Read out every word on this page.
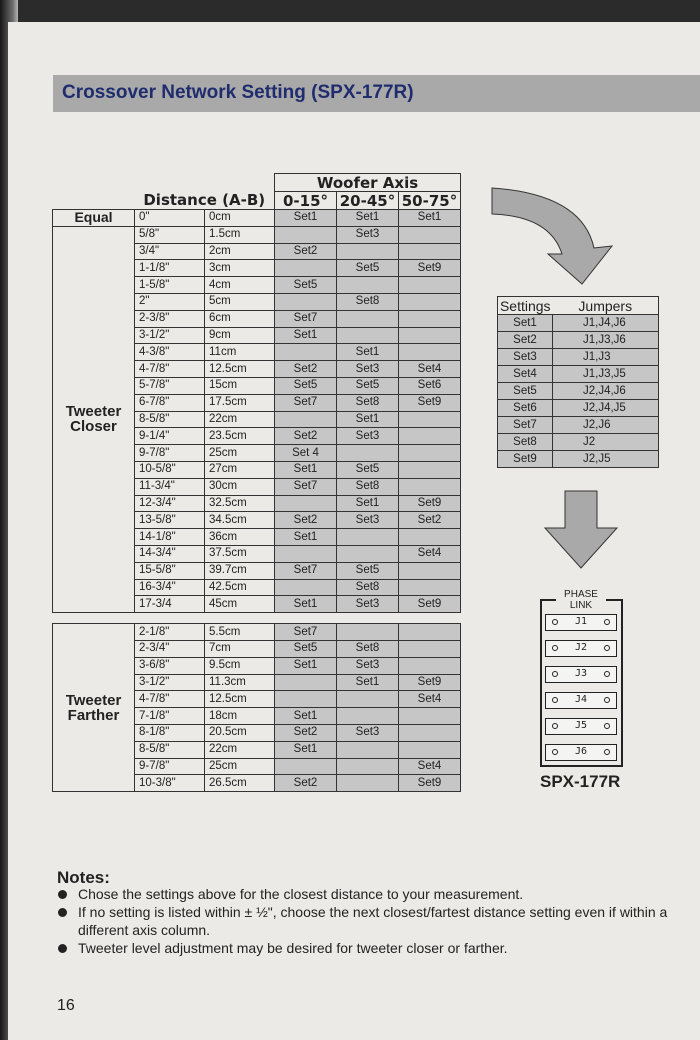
Crossover Network Setting (SPX-177R)
			Woofer Axis		
	Distance (A-B)		0-15°	20-45°	50-75°
Equal	0"	0cm	Set1	Set1	Set1
Tweeter
Closer	5/8"	1.5cm		Set3	
	3/4"	2cm	Set2		
	1-1/8"	3cm		Set5	Set9
	1-5/8"	4cm	Set5		
	2"	5cm		Set8	
	2-3/8"	6cm	Set7		
	3-1/2"	9cm	Set1		
	4-3/8"	11cm		Set1	
	4-7/8"	12.5cm	Set2	Set3	Set4
	5-7/8"	15cm	Set5	Set5	Set6
	6-7/8"	17.5cm	Set7	Set8	Set9
	8-5/8"	22cm		Set1	
	9-1/4"	23.5cm	Set2	Set3	
	9-7/8"	25cm	Set 4		
	10-5/8"	27cm	Set1	Set5	
	11-3/4"	30cm	Set7	Set8	
	12-3/4"	32.5cm		Set1	Set9
	13-5/8"	34.5cm	Set2	Set3	Set2
	14-1/8"	36cm	Set1		
	14-3/4"	37.5cm			Set4
	15-5/8"	39.7cm	Set7	Set5	
	16-3/4"	42.5cm		Set8	
	17-3/4	45cm	Set1	Set3	Set9

Tweeter
Farther	2-1/8"	5.5cm	Set7		
	2-3/4"	7cm	Set5	Set8	
	3-6/8"	9.5cm	Set1	Set3	
	3-1/2"	11.3cm		Set1	Set9
	4-7/8"	12.5cm			Set4
	7-1/8"	18cm	Set1		
	8-1/8"	20.5cm	Set2	Set3	
	8-5/8"	22cm	Set1		
	9-7/8"	25cm			Set4
	10-3/8"	26.5cm	Set2		Set9
Settings	Jumpers
Set1	J1,J4,J6
Set2	J1,J3,J6
Set3	J1,J3
Set4	J1,J3,J5
Set5	J2,J4,J6
Set6	J2,J4,J5
Set7	J2,J6
Set8	J2
Set9	J2,J5
PHASE LINK
J1
J2
J3
J4
J5
J6
SPX-177R
Notes:
Chose the settings above for the closest distance to your measurement.
If no setting is listed within ± ½", choose the next closest/fartest distance setting even if within a different axis column.
Tweeter level adjustment may be desired for tweeter closer or farther.
16
